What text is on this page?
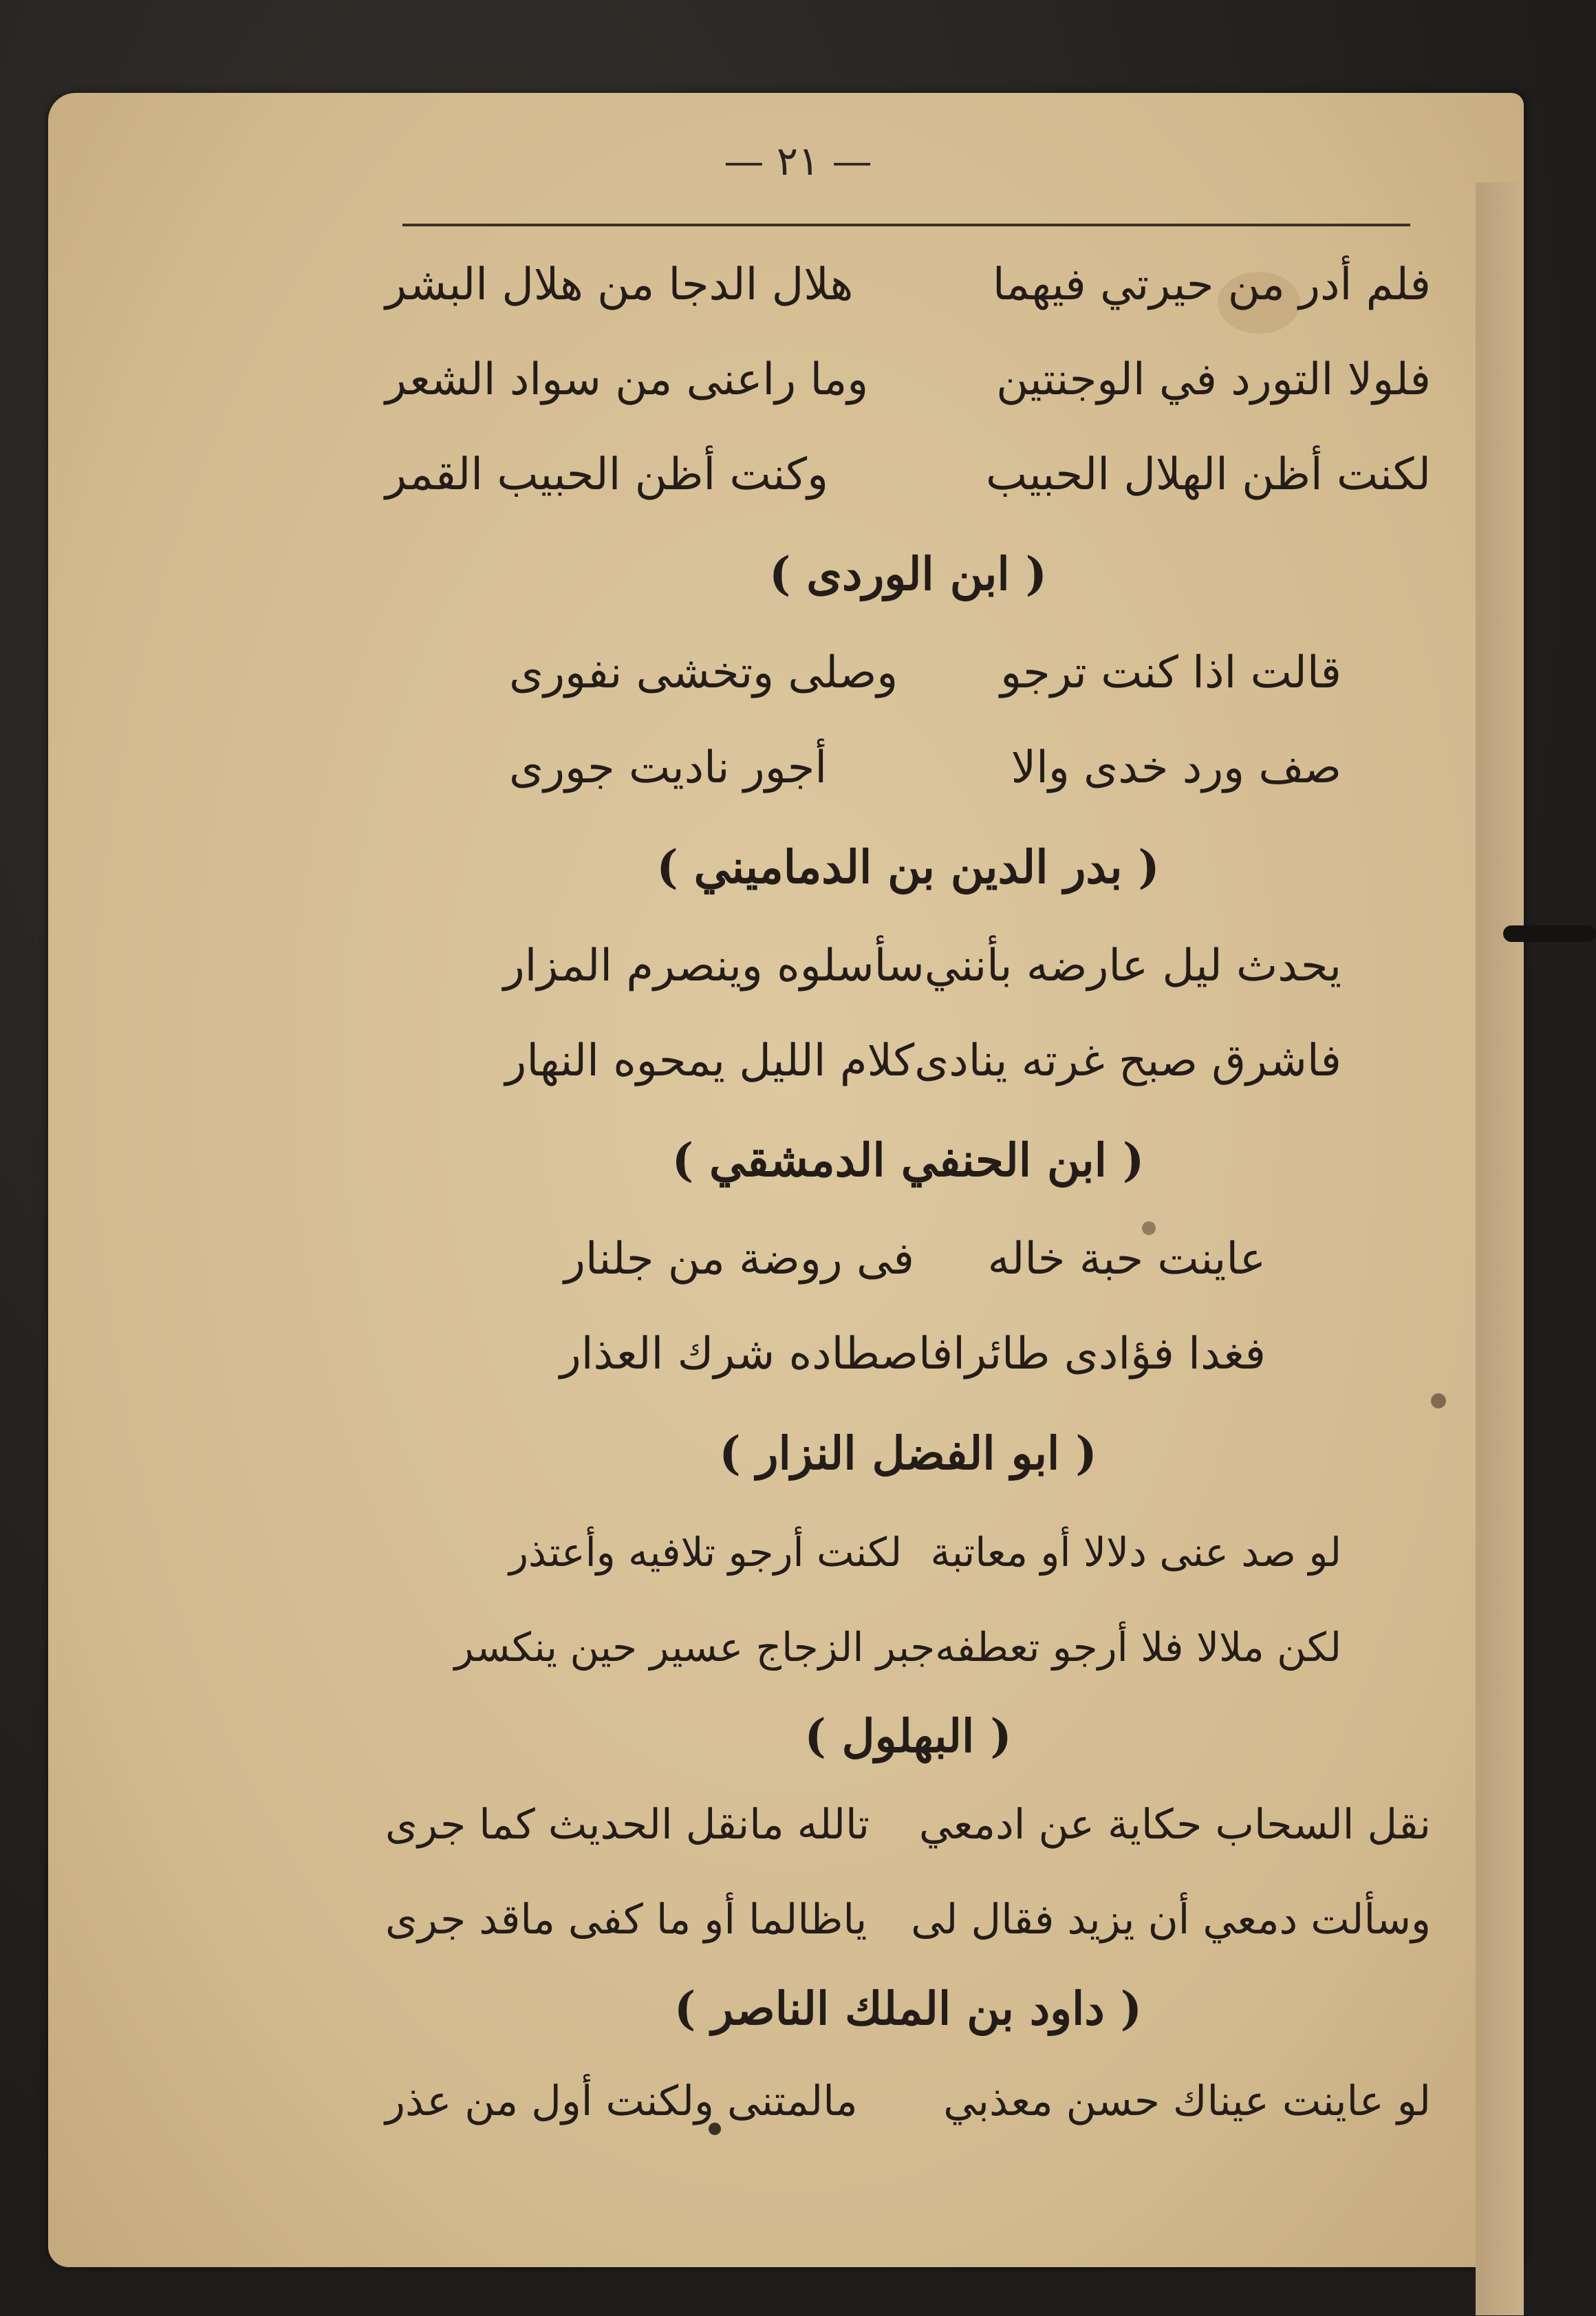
— ٢١ —
فلم أدر من حيرتي فيهما
هلال الدجا من هلال البشر
فلولا التورد في الوجنتين
وما راعنى من سواد الشعر
لكنت أظن الهلال الحبيب
وكنت أظن الحبيب القمر
( ابن الوردى )
قالت اذا كنت ترجو
وصلى وتخشى نفورى
صف ورد خدى والا
أجور ناديت جورى
( بدر الدين بن الدماميني )
يحدث ليل عارضه بأنني
سأسلوه وينصرم المزار
فاشرق صبح غرته ينادى
كلام الليل يمحوه النهار
( ابن الحنفي الدمشقي )
عاينت حبة خاله
فى روضة من جلنار
فغدا فؤادى طائرا
فاصطاده شرك العذار
( ابو الفضل النزار )
لو صد عنى دلالا أو معاتبة
لكنت أرجو تلافيه وأعتذر
لكن ملالا فلا أرجو تعطفه
جبر الزجاج عسير حين ينكسر
( البهلول )
نقل السحاب حكاية عن ادمعي
تالله مانقل الحديث كما جرى
وسألت دمعي أن يزيد فقال لى
ياظالما أو ما كفى ماقد جرى
( داود بن الملك الناصر )
لو عاينت عيناك حسن معذبي
مالمتنى ولكنت أول من عذر
